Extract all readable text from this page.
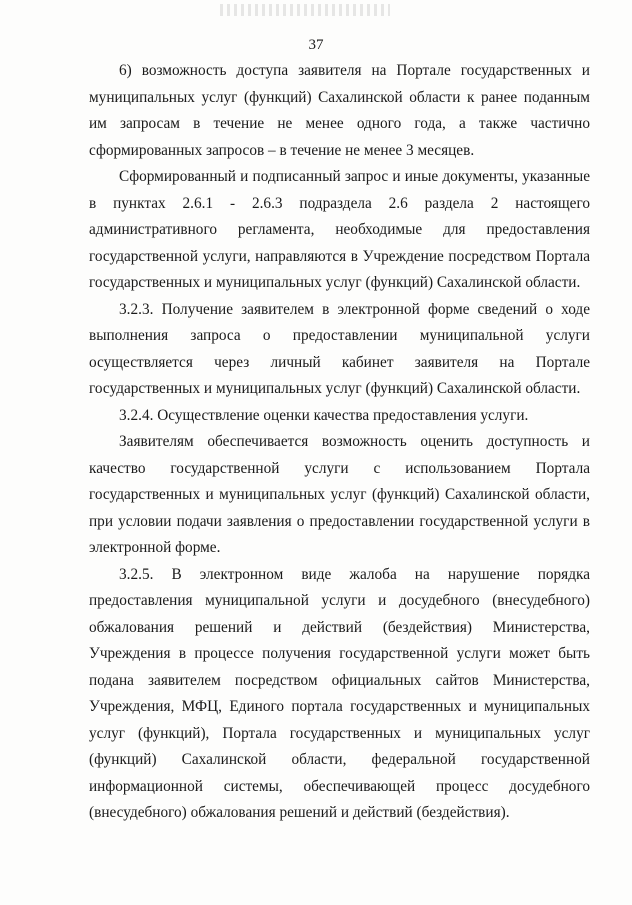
37

6) возможность доступа заявителя на Портале государственных и муниципальных услуг (функций) Сахалинской области к ранее поданным им запросам в течение не менее одного года, а также частично сформированных запросов – в течение не менее 3 месяцев.

Сформированный и подписанный запрос и иные документы, указанные в пунктах 2.6.1 - 2.6.3 подраздела 2.6 раздела 2 настоящего административного регламента, необходимые для предоставления государственной услуги, направляются в Учреждение посредством Портала государственных и муниципальных услуг (функций) Сахалинской области.

3.2.3. Получение заявителем в электронной форме сведений о ходе выполнения запроса о предоставлении муниципальной услуги осуществляется через личный кабинет заявителя на Портале государственных и муниципальных услуг (функций) Сахалинской области.

3.2.4. Осуществление оценки качества предоставления услуги.

Заявителям обеспечивается возможность оценить доступность и качество государственной услуги с использованием Портала государственных и муниципальных услуг (функций) Сахалинской области, при условии подачи заявления о предоставлении государственной услуги в электронной форме.

3.2.5. В электронном виде жалоба на нарушение порядка предоставления муниципальной услуги и досудебного (внесудебного) обжалования решений и действий (бездействия) Министерства, Учреждения в процессе получения государственной услуги может быть подана заявителем посредством официальных сайтов Министерства, Учреждения, МФЦ, Единого портала государственных и муниципальных услуг (функций), Портала государственных и муниципальных услуг (функций) Сахалинской области, федеральной государственной информационной системы, обеспечивающей процесс досудебного (внесудебного) обжалования решений и действий (бездействия).
